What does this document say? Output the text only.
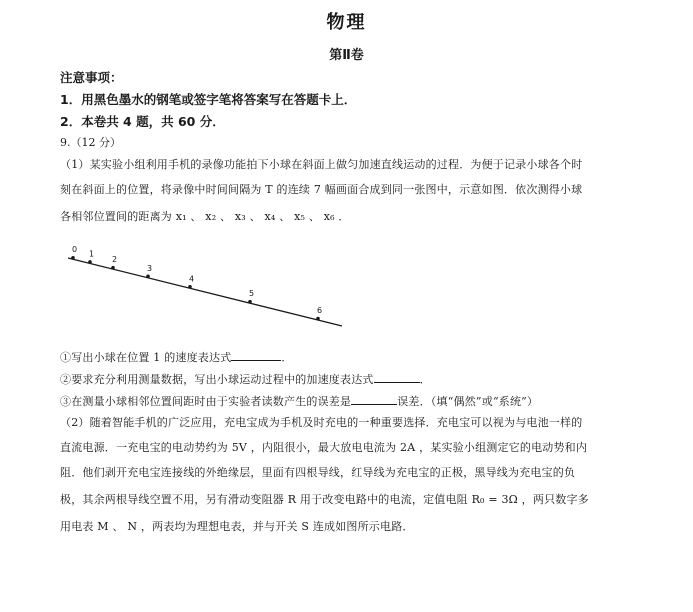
物理
第Ⅱ卷
注意事项：
1．用黑色墨水的钢笔或签字笔将答案写在答题卡上．
2．本卷共 4 题，共 60 分．
9.（12 分）
（1）某实验小组利用手机的录像功能拍下小球在斜面上做匀加速直线运动的过程．为便于记录小球各个时
刻在斜面上的位置，将录像中时间间隔为 T 的连续 7 幅画面合成到同一张图中，示意如图．依次测得小球
各相邻位置间的距离为 x₁ 、 x₂ 、 x₃ 、 x₄ 、 x₅ 、 x₆ ．
0 1
2
3
4
5
6
①写出小球在位置 1 的速度表达式	．
②要求充分利用测量数据，写出小球运动过程中的加速度表达式	．
③在测量小球相邻位置间距时由于实验者读数产生的误差是	误差．（填“偶然”或“系统”）
（2）随着智能手机的广泛应用，充电宝成为手机及时充电的一种重要选择．充电宝可以视为与电池一样的
直流电源．一充电宝的电动势约为 5V ，内阻很小，最大放电电流为 2A ，某实验小组测定它的电动势和内
阻．他们剥开充电宝连接线的外绝缘层，里面有四根导线，红导线为充电宝的正极，黑导线为充电宝的负
极，其余两根导线空置不用，另有滑动变阻器 R 用于改变电路中的电流，定值电阻 R₀ = 3Ω ，两只数字多
用电表 M 、 N ，两表均为理想电表，并与开关 S 连成如图所示电路．
